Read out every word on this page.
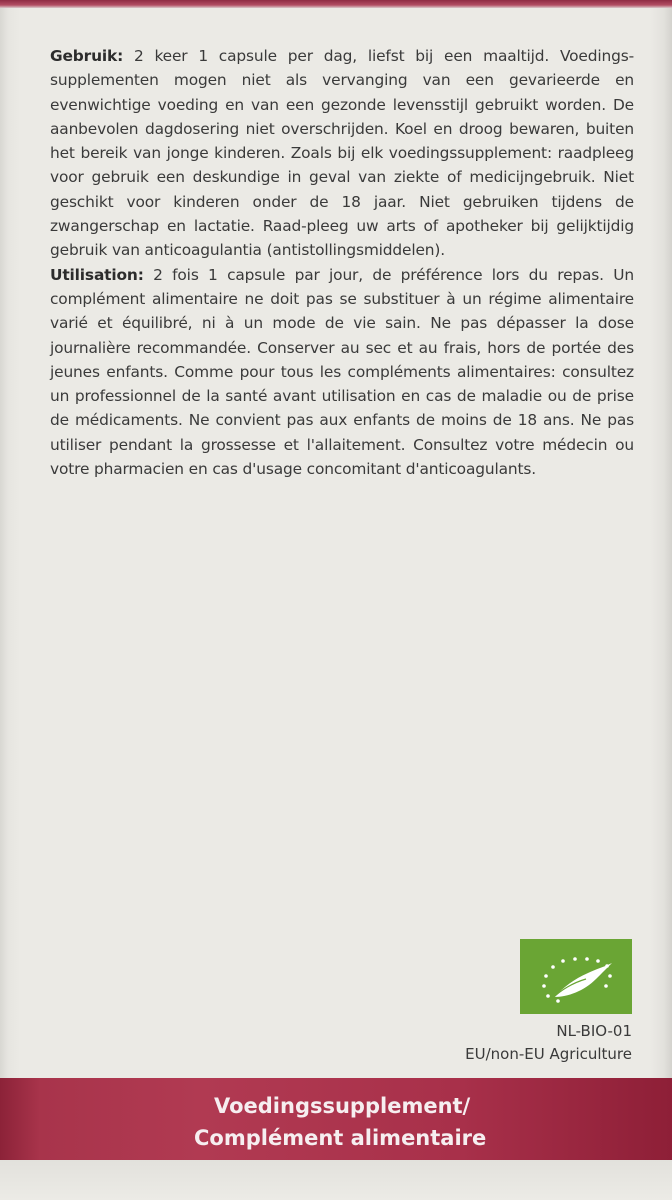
Gebruik: 2 keer 1 capsule per dag, liefst bij een maaltijd. Voedings-supplementen mogen niet als vervanging van een gevarieerde en evenwichtige voeding en van een gezonde levensstijl gebruikt worden. De aanbevolen dagdosering niet overschrijden. Koel en droog bewaren, buiten het bereik van jonge kinderen. Zoals bij elk voedingssupplement: raadpleeg voor gebruik een deskundige in geval van ziekte of medicijngebruik. Niet geschikt voor kinderen onder de 18 jaar. Niet gebruiken tijdens de zwangerschap en lactatie. Raad-pleeg uw arts of apotheker bij gelijktijdig gebruik van anticoagulantia (antistollingsmiddelen).

Utilisation: 2 fois 1 capsule par jour, de préférence lors du repas. Un complément alimentaire ne doit pas se substituer à un régime alimentaire varié et équilibré, ni à un mode de vie sain. Ne pas dépasser la dose journalière recommandée. Conserver au sec et au frais, hors de portée des jeunes enfants. Comme pour tous les compléments alimentaires: consultez un professionnel de la santé avant utilisation en cas de maladie ou de prise de médicaments. Ne convient pas aux enfants de moins de 18 ans. Ne pas utiliser pendant la grossesse et l'allaitement. Consultez votre médecin ou votre pharmacien en cas d'usage concomitant d'anticoagulants.

NL-BIO-01
EU/non-EU Agriculture
Voedingssupplement/
Complément alimentaire
